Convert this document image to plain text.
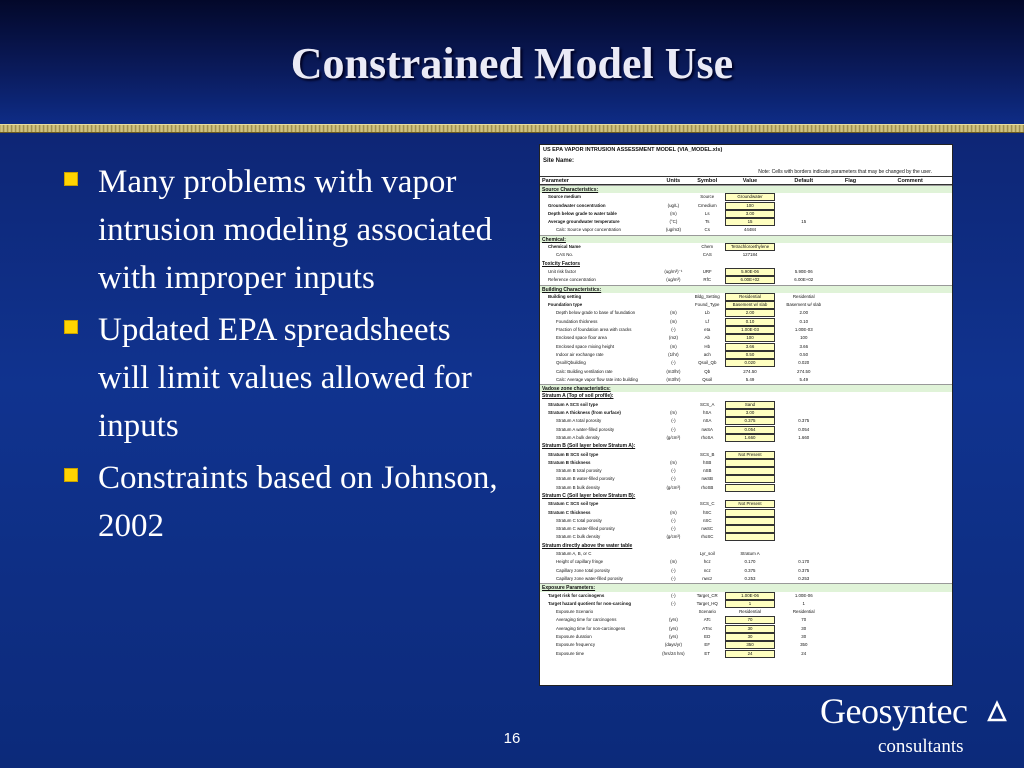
Constrained Model Use
Many problems with vapor intrusion modeling associated with improper inputs
Updated EPA spreadsheets will limit values allowed for inputs
Constraints based on Johnson, 2002
US EPA VAPOR INTRUSION ASSESSMENT MODEL (VIA_MODEL.xls)
Site Name:
Note: Cells with borders indicate parameters that may be changed by the user.
Parameter	Units	Symbol	Value	Default	Flag	Comment
Source Characteristics:
Source medium	Source	Groundwater
Groundwater concentration	(ug/L)	Cmedium	100
Depth below grade to water table	(m)	Ls	3.00
Average groundwater temperature	(°C)	Ts	15	15
Calc: Source vapor concentration	(ug/m3)	Cs	44484
Chemical:
Chemical Name	Chem	Tetrachloroethylene
CAS No.	CAS	127184
Toxicity Factors
Unit risk factor	(ug/m³)⁻¹	URF	5.90E-06	5.90E-06
Reference concentration	(ug/m³)	RfC	6.00E+02	6.00E+02
Building Characteristics:
Building setting	Bldg_Setting	Residential	Residential
Foundation type	Found_Type	Basement w/ slab	Basement w/ slab
Depth below grade to base of foundation	(m)	Lb	2.00	2.00
Foundation thickness	(m)	Lf	0.10	0.10
Fraction of foundation area with cracks	(-)	eta	1.00E-03	1.00E-03
Enclosed space floor area	(m2)	Ab	100	100
Enclosed space mixing height	(m)	Hb	3.66	3.66
Indoor air exchange rate	(1/hr)	ach	0.50	0.50
Qsoil/Qbuilding	(-)	Qsoil_Qb	0.020	0.020
Calc: Building ventilation rate	(m3/hr)	Qb	274.50	274.50
Calc: Average vapor flow rate into building	(m3/hr)	Qsoil	5.49	5.49
Vadose zone characteristics:
Stratum A (Top of soil profile):
Stratum A SCS soil type	SCS_A	Sand
Stratum A thickness (from surface)	(m)	hSA	3.00
Stratum A total porosity	(-)	nSA	0.375	0.375
Stratum A water-filled porosity	(-)	nwSA	0.054	0.054
Stratum A bulk density	(g/cm³)	rhoSA	1.660	1.660
Stratum B (Soil layer below Stratum A):
Stratum B SCS soil type	SCS_B	Not Present
Stratum B thickness	(m)	hSB
Stratum B total porosity	(-)	nSB
Stratum B water-filled porosity	(-)	nwSB
Stratum B bulk density	(g/cm³)	rhoSB
Stratum C (Soil layer below Stratum B):
Stratum C SCS soil type	SCS_C	Not Present
Stratum C thickness	(m)	hSC
Stratum C total porosity	(-)	nSC
Stratum C water-filled porosity	(-)	nwSC
Stratum C bulk density	(g/cm³)	rhoSC
Stratum directly above the water table
Stratum A, B, or C	Lyr_soil	Stratum A
Height of capillary fringe	(m)	hcz	0.170	0.170
Capillary zone total porosity	(-)	ncz	0.375	0.375
Capillary zone water-filled porosity	(-)	nwcz	0.253	0.253
Exposure Parameters:
Target risk for carcinogens	(-)	Target_CR	1.00E-06	1.00E-06
Target hazard quotient for non-carcinog	(-)	Target_HQ	1	1
Exposure Scenario	Scenario	Residential	Residential
Averaging time for carcinogens	(yrs)	ATc	70	70
Averaging time for non-carcinogens	(yrs)	ATnc	30	30
Exposure duration	(yrs)	ED	30	30
Exposure frequency	(days/yr)	EF	350	350
Exposure time	(hrs/24 hrs)	ET	24	24
16
Geosyntec
consultants
